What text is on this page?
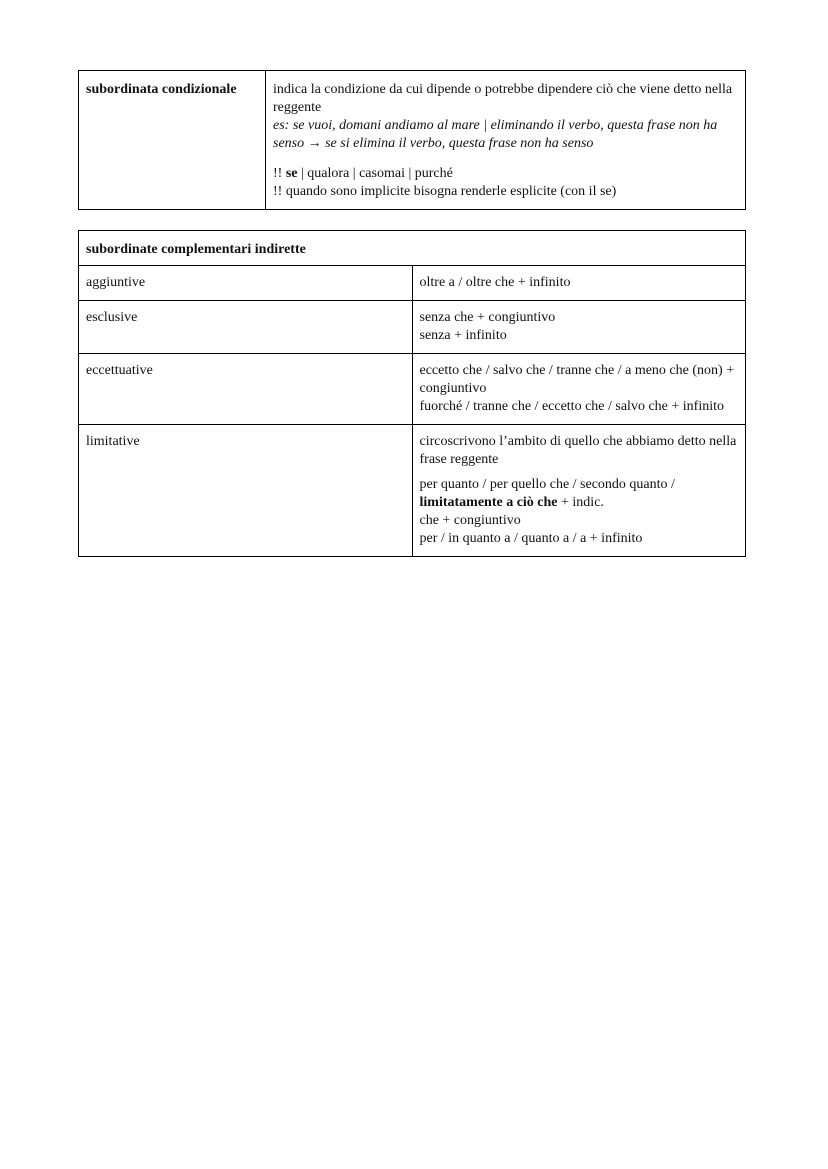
subordinata condizionale	indica la condizione da cui dipende o potrebbe dipendere ciò che viene detto nella reggente
es: se vuoi, domani andiamo al mare | eliminando il verbo, questa frase non ha senso → se si elimina il verbo, questa frase non ha senso
!! se | qualora | casomai | purché
!! quando sono implicite bisogna renderle esplicite (con il se)
subordinate complementari indirette	
aggiuntive	oltre a / oltre che + infinito

esclusive	senza che + congiuntivo
senza + infinito

eccettuative	eccetto che / salvo che / tranne che / a meno che (non) + congiuntivo
fuorché / tranne che / eccetto che / salvo che + infinito

limitative	circoscrivono l’ambito di quello che abbiamo detto nella frase reggente
per quanto / per quello che / secondo quanto / limitatamente a ciò che + indic.
che + congiuntivo
per / in quanto a / quanto a / a + infinito
